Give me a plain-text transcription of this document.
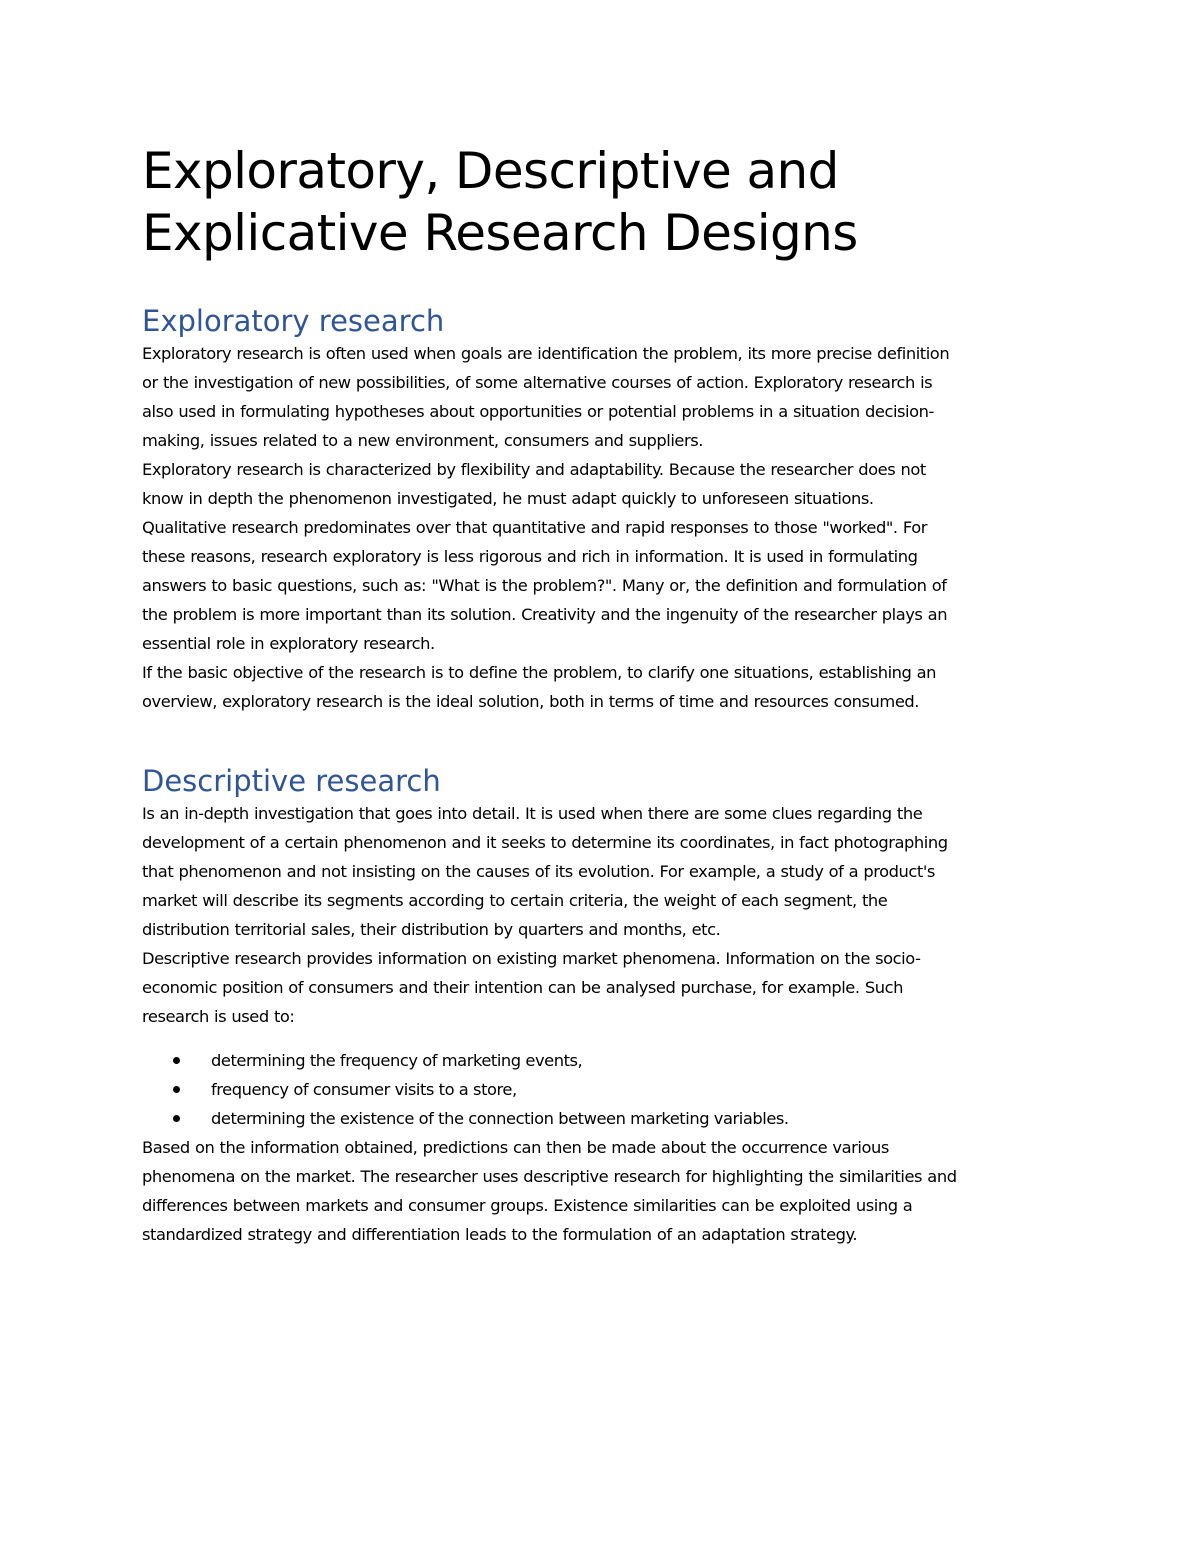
Exploratory, Descriptive and
Explicative Research Designs
Exploratory research

Exploratory research is often used when goals are identification the problem, its more precise definition
or the investigation of new possibilities, of some alternative courses of action. Exploratory research is
also used in formulating hypotheses about opportunities or potential problems in a situation decision-
making, issues related to a new environment, consumers and suppliers.

Exploratory research is characterized by flexibility and adaptability. Because the researcher does not
know in depth the phenomenon investigated, he must adapt quickly to unforeseen situations.
Qualitative research predominates over that quantitative and rapid responses to those "worked". For
these reasons, research exploratory is less rigorous and rich in information. It is used in formulating
answers to basic questions, such as: "What is the problem?". Many or, the definition and formulation of
the problem is more important than its solution. Creativity and the ingenuity of the researcher plays an
essential role in exploratory research.

If the basic objective of the research is to define the problem, to clarify one situations, establishing an
overview, exploratory research is the ideal solution, both in terms of time and resources consumed.

Descriptive research

Is an in-depth investigation that goes into detail. It is used when there are some clues regarding the
development of a certain phenomenon and it seeks to determine its coordinates, in fact photographing
that phenomenon and not insisting on the causes of its evolution. For example, a study of a product's
market will describe its segments according to certain criteria, the weight of each segment, the
distribution territorial sales, their distribution by quarters and months, etc.

Descriptive research provides information on existing market phenomena. Information on the socio-
economic position of consumers and their intention can be analysed purchase, for example. Such
research is used to:

determining the frequency of marketing events,
frequency of consumer visits to a store,
determining the existence of the connection between marketing variables.

Based on the information obtained, predictions can then be made about the occurrence various
phenomena on the market. The researcher uses descriptive research for highlighting the similarities and
differences between markets and consumer groups. Existence similarities can be exploited using a
standardized strategy and differentiation leads to the formulation of an adaptation strategy.
